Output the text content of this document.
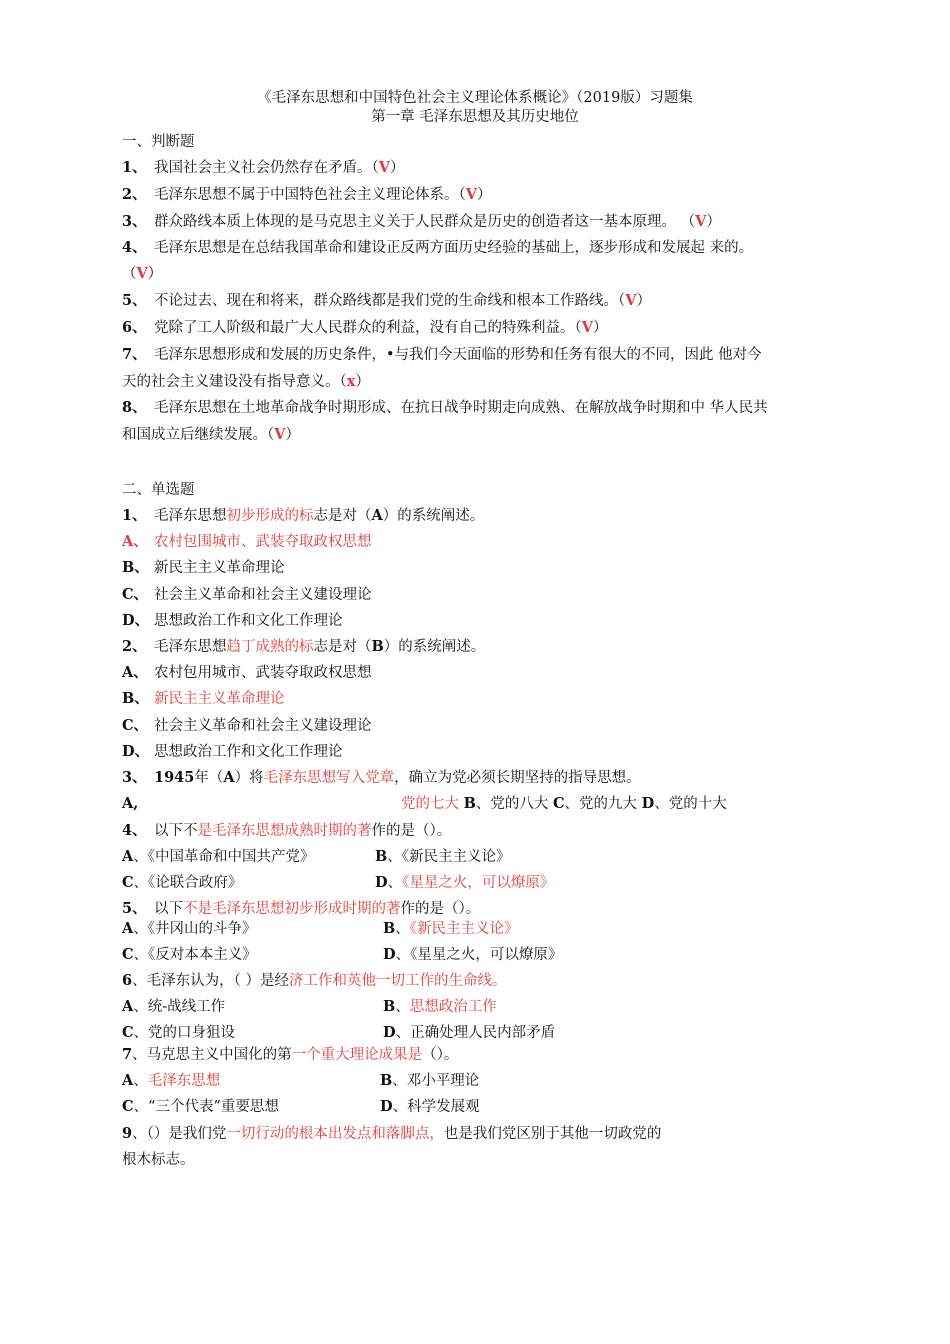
《毛泽东思想和中国特色社会主义理论体系概论》（2019版）习题集
第一章 毛泽东思想及其历史地位
一、判断题
1、 我国社会主义社会仍然存在矛盾。（V）
2、 毛泽东思想不属于中国特色社会主义理论体系。（V）
3、 群众路线本质上体现的是马克思主义关于人民群众是历史的创造者这一基本原理。 （V）
4、 毛泽东思想是在总结我国革命和建设正反两方面历史经验的基础上，逐步形成和发展起 来的。
（V）
5、 不论过去、现在和将来，群众路线都是我们党的生命线和根本工作路线。（V）
6、 党除了工人阶级和最广大人民群众的利益，没有自己的特殊利益。（V）
7、 毛泽东思想形成和发展的历史条件，•与我们今天面临的形势和任务有很大的不同，因此 他对今
天的社会主义建设没有指导意义。（x）
8、 毛泽东思想在土地革命战争时期形成、在抗日战争时期走向成熟、在解放战争时期和中 华人民共
和国成立后继续发展。（V）
二、单选题
1、 毛泽东思想初步形成的标志是对（A）的系统阐述。
A、 农村包围城市、武装夺取政权思想
B、 新民主主义革命理论
C、 社会主义革命和社会主义建设理论
D、 思想政治工作和文化工作理论
2、 毛泽东思想趋丁成熟的标志是对（B）的系统阐述。
A、 农村包用城市、武装夺取政权思想
B、 新民主主义革命理论
C、 社会主义革命和社会主义建设理论
D、 思想政治工作和文化工作理论
3、 1945年（A）将毛泽东思想写入党章，确立为党必须长期坚持的指导思想。
A,	党的七大 B、党的八大 C、党的九大 D、党的十大
4、 以下不是毛泽东思想成熟时期的著作的是（）。
A、《中国革命和中国共产党》	B、《新民主主义论》
C、《论联合政府》	D、《星星之火，可以燎原》
5、 以下不是毛泽东思想初步形成时期的著作的是（）。
A、《井冈山的斗争》	B、《新民主主义论》
C、《反对本本主义》	D、《星星之火，可以燎原》
6、毛泽东认为，（ ）是经济工作和英他一切工作的生命线。
A、统-战线工作	B、思想政治工作
C、党的口身狙设	D、正确处理人民内部矛盾
7、马克思主义中国化的第一个重大理论成果是（）。
A、毛泽东思想	B、邓小平理论
C、“三个代表”重要思想	D、科学发展观
9、（）是我们党一切行动的根本出发点和落脚点，也是我们党区别于其他一切政党的
根木标志。
